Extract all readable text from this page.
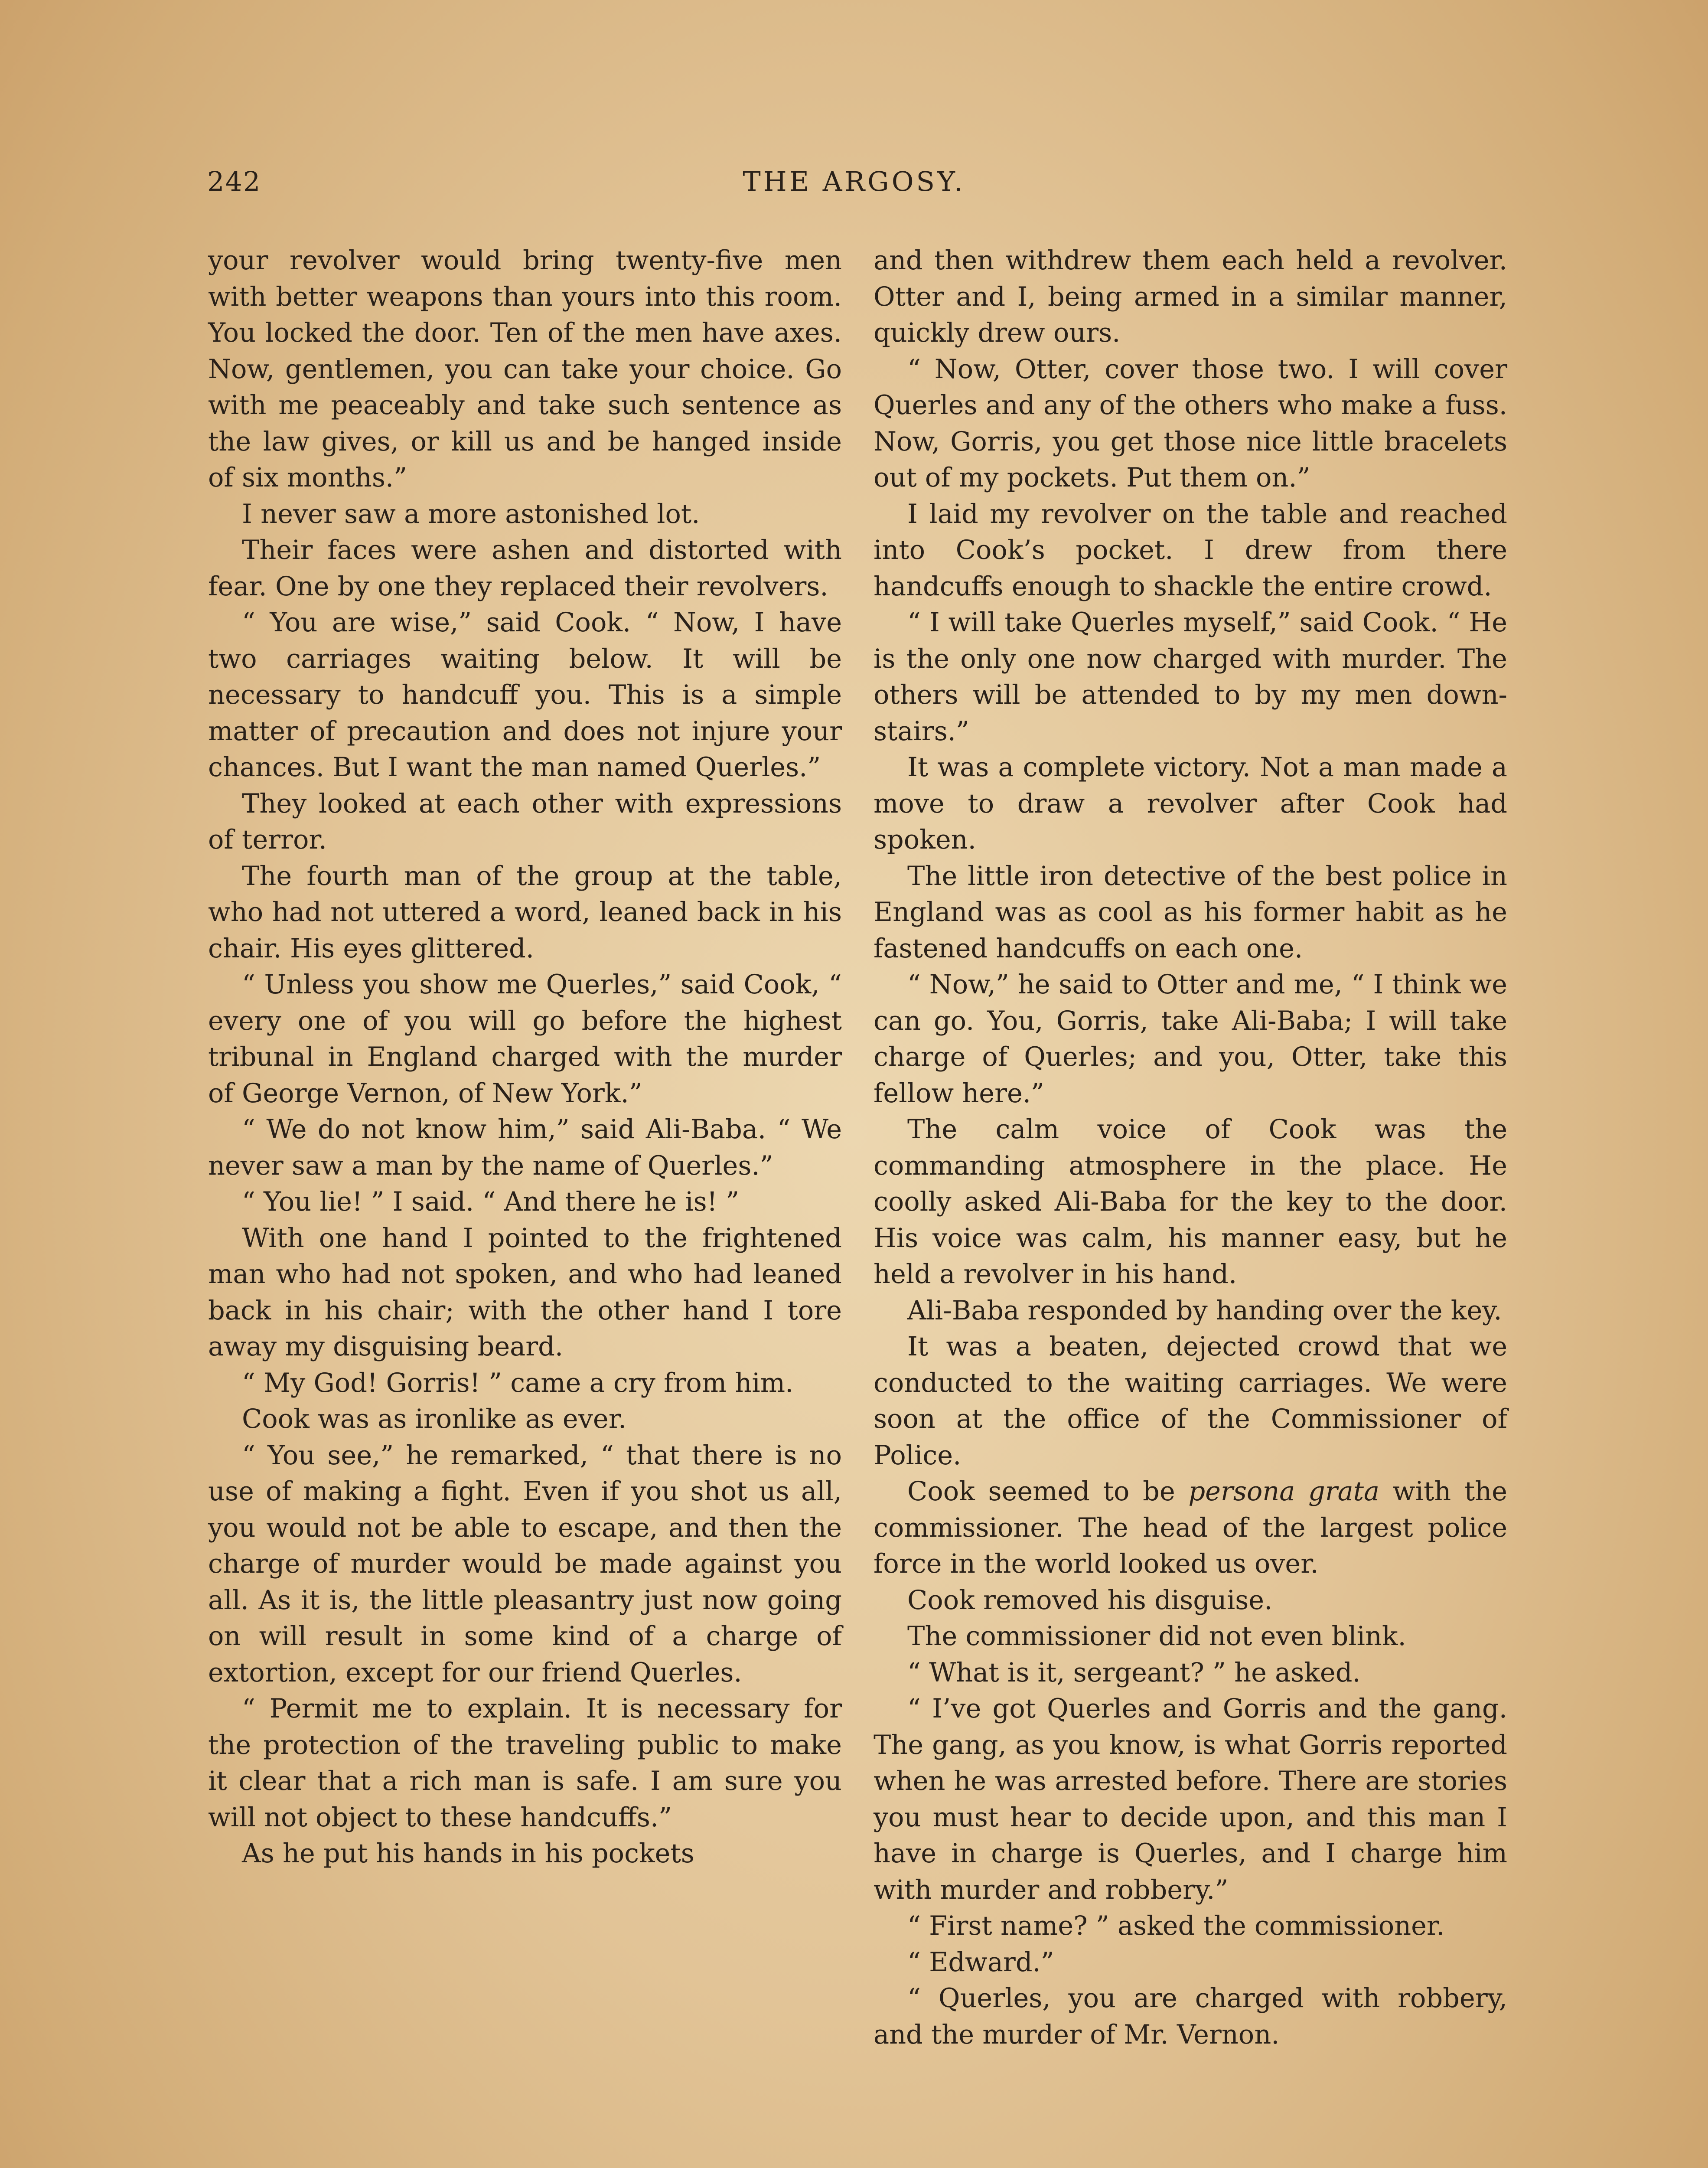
242	THE ARGOSY.

your revolver would bring twenty-five men with better weapons than yours into this room. You locked the door. Ten of the men have axes. Now, gentlemen, you can take your choice. Go with me peaceably and take such sentence as the law gives, or kill us and be hanged inside of six months.”

I never saw a more astonished lot.

Their faces were ashen and distorted with fear. One by one they replaced their revolvers.

“ You are wise,” said Cook. “ Now, I have two carriages waiting below. It will be necessary to handcuff you. This is a simple matter of precaution and does not injure your chances. But I want the man named Querles.”

They looked at each other with expressions of terror.

The fourth man of the group at the table, who had not uttered a word, leaned back in his chair. His eyes glittered.

“ Unless you show me Querles,” said Cook, “ every one of you will go before the highest tribunal in England charged with the murder of George Vernon, of New York.”

“ We do not know him,” said Ali-Baba. “ We never saw a man by the name of Querles.”

“ You lie! ” I said. “ And there he is! ”

With one hand I pointed to the frightened man who had not spoken, and who had leaned back in his chair; with the other hand I tore away my disguising beard.

“ My God! Gorris! ” came a cry from him.

Cook was as ironlike as ever.

“ You see,” he remarked, “ that there is no use of making a fight. Even if you shot us all, you would not be able to escape, and then the charge of murder would be made against you all. As it is, the little pleasantry just now going on will result in some kind of a charge of extortion, except for our friend Querles.

“ Permit me to explain. It is necessary for the protection of the traveling public to make it clear that a rich man is safe. I am sure you will not object to these handcuffs.”

As he put his hands in his pockets

and then withdrew them each held a revolver. Otter and I, being armed in a similar manner, quickly drew ours.

“ Now, Otter, cover those two. I will cover Querles and any of the others who make a fuss. Now, Gorris, you get those nice little bracelets out of my pockets. Put them on.”

I laid my revolver on the table and reached into Cook’s pocket. I drew from there handcuffs enough to shackle the entire crowd.

“ I will take Querles myself,” said Cook. “ He is the only one now charged with murder. The others will be attended to by my men down-stairs.”

It was a complete victory. Not a man made a move to draw a revolver after Cook had spoken.

The little iron detective of the best police in England was as cool as his former habit as he fastened handcuffs on each one.

“ Now,” he said to Otter and me, “ I think we can go. You, Gorris, take Ali-Baba; I will take charge of Querles; and you, Otter, take this fellow here.”

The calm voice of Cook was the commanding atmosphere in the place. He coolly asked Ali-Baba for the key to the door. His voice was calm, his manner easy, but he held a revolver in his hand.

Ali-Baba responded by handing over the key.

It was a beaten, dejected crowd that we conducted to the waiting carriages. We were soon at the office of the Commissioner of Police.

Cook seemed to be persona grata with the commissioner. The head of the largest police force in the world looked us over.

Cook removed his disguise.

The commissioner did not even blink.

“ What is it, sergeant? ” he asked.

“ I’ve got Querles and Gorris and the gang. The gang, as you know, is what Gorris reported when he was arrested before. There are stories you must hear to decide upon, and this man I have in charge is Querles, and I charge him with murder and robbery.”

“ First name? ” asked the commissioner.

“ Edward.”

“ Querles, you are charged with robbery, and the murder of Mr. Vernon.
